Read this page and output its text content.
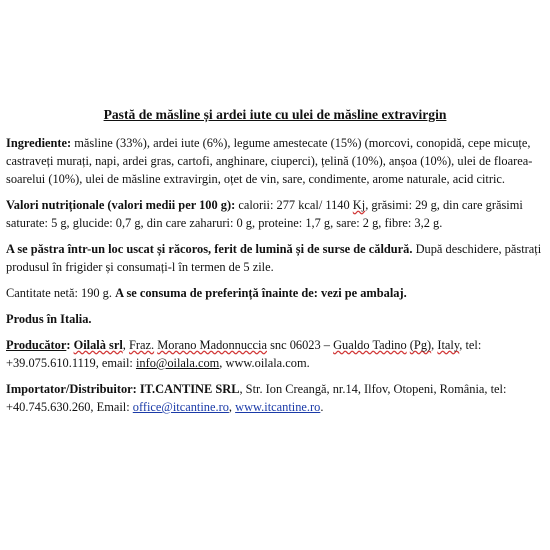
Pastă de măsline și ardei iute cu ulei de măsline extravirgin
Ingrediente: măsline (33%), ardei iute (6%), legume amestecate (15%) (morcovi, conopidă, cepe micuțe, castraveți murați, napi, ardei gras, cartofi, anghinare, ciuperci), țelină (10%), anșoa (10%), ulei de floarea-soarelui (10%), ulei de măsline extravirgin, oțet de vin, sare, condimente, arome naturale, acid citric.
Valori nutriționale (valori medii per 100 g): calorii: 277 kcal/ 1140 Kj, grăsimi: 29 g, din care grăsimi saturate: 5 g, glucide: 0,7 g, din care zaharuri: 0 g, proteine: 1,7 g, sare: 2 g, fibre: 3,2 g.
A se păstra într-un loc uscat și răcoros, ferit de lumină și de surse de căldură. După deschidere, păstrați produsul în frigider și consumați-l în termen de 5 zile.
Cantitate netă: 190 g. A se consuma de preferință înainte de: vezi pe ambalaj.
Produs în Italia.
Producător: Oilalà srl, Fraz. Morano Madonnuccia snc 06023 – Gualdo Tadino (Pg), Italy, tel: +39.075.610.1119, email: info@oilala.com, www.oilala.com.
Importator/Distribuitor: IT.CANTINE SRL, Str. Ion Creangă, nr.14, Ilfov, Otopeni, România, tel: +40.745.630.260, Email: office@itcantine.ro, www.itcantine.ro.
